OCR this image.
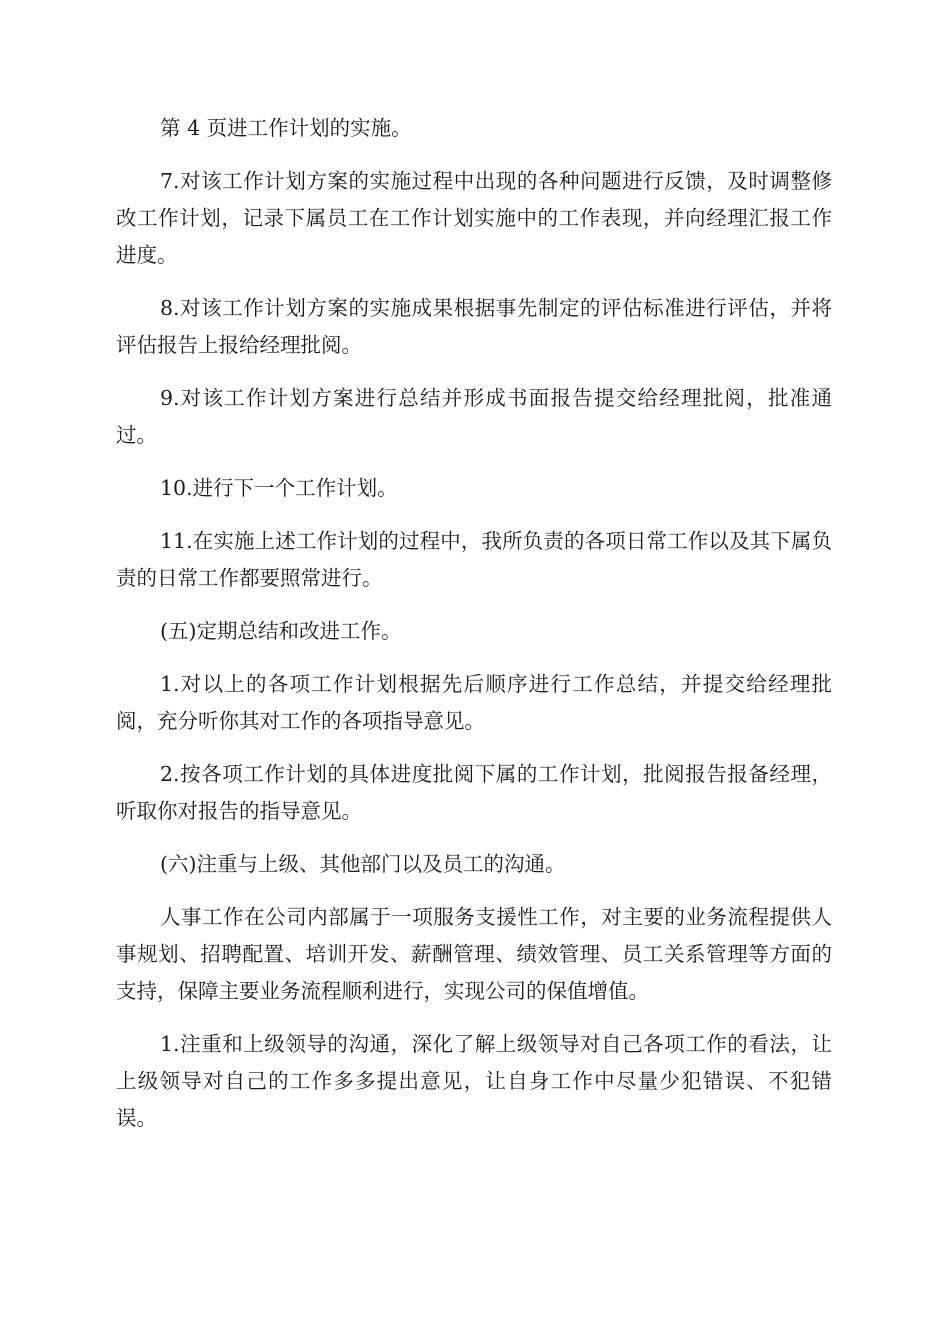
第 4 页进工作计划的实施。

7.对该工作计划方案的实施过程中出现的各种问题进行反馈，及时调整修改工作计划，记录下属员工在工作计划实施中的工作表现，并向经理汇报工作进度。

8.对该工作计划方案的实施成果根据事先制定的评估标准进行评估，并将评估报告上报给经理批阅。

9.对该工作计划方案进行总结并形成书面报告提交给经理批阅，批准通过。

10.进行下一个工作计划。

11.在实施上述工作计划的过程中，我所负责的各项日常工作以及其下属负责的日常工作都要照常进行。

(五)定期总结和改进工作。

1.对以上的各项工作计划根据先后顺序进行工作总结，并提交给经理批阅，充分听你其对工作的各项指导意见。

2.按各项工作计划的具体进度批阅下属的工作计划，批阅报告报备经理，听取你对报告的指导意见。

(六)注重与上级、其他部门以及员工的沟通。

人事工作在公司内部属于一项服务支援性工作，对主要的业务流程提供人事规划、招聘配置、培训开发、薪酬管理、绩效管理、员工关系管理等方面的支持，保障主要业务流程顺利进行，实现公司的保值增值。

1.注重和上级领导的沟通，深化了解上级领导对自己各项工作的看法，让上级领导对自己的工作多多提出意见，让自身工作中尽量少犯错误、不犯错误。
